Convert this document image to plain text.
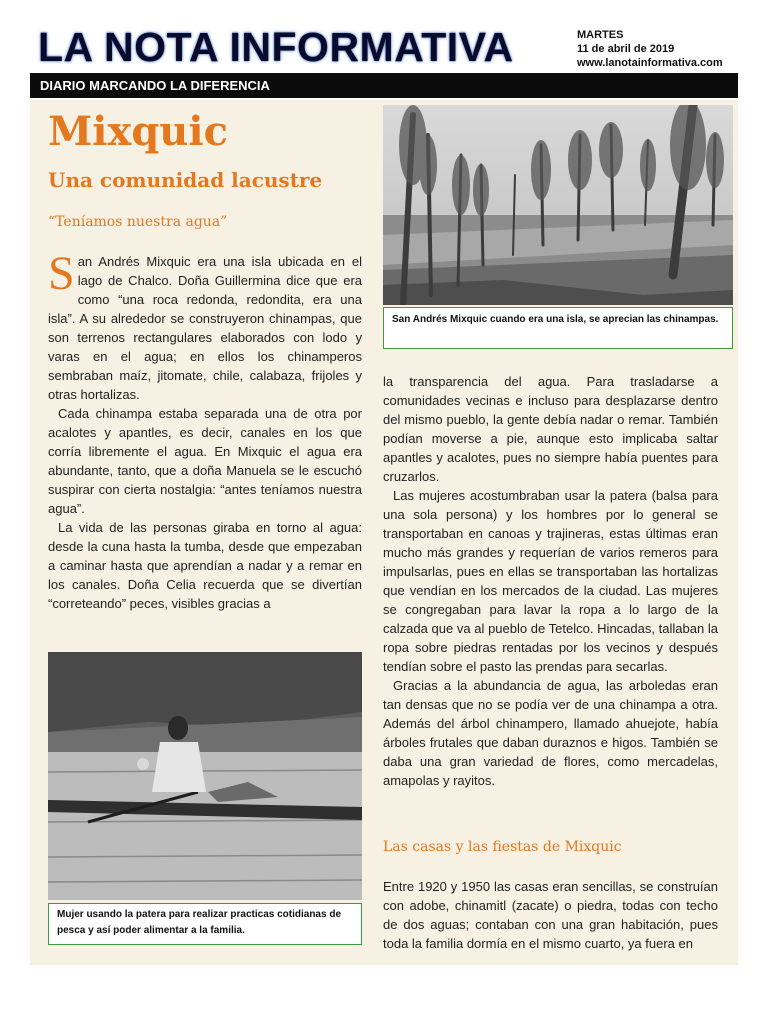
LA NOTA INFORMATIVA	MARTES
11 de abril de 2019
www.lanotainformativa.com
DIARIO MARCANDO LA DIFERENCIA
Mixquic
Una comunidad lacustre
“Teníamos nuestra agua”

San Andrés Mixquic era una isla ubicada en el lago de Chalco. Doña Guillermina dice que era como “una roca redonda, redondita, era una isla”. A su alrededor se construyeron chinampas, que son terrenos rectangulares elaborados con lodo y varas en el agua; en ellos los chinamperos sembraban maíz, jitomate, chile, calabaza, frijoles y otras hortalizas.

Cada chinampa estaba separada una de otra por acalotes y apantles, es decir, canales en los que corría libremente el agua. En Mixquic el agua era abundante, tanto, que a doña Manuela se le escuchó suspirar con cierta nostalgia: “antes teníamos nuestra agua”.

La vida de las personas giraba en torno al agua: desde la cuna hasta la tumba, desde que empezaban a caminar hasta que aprendían a nadar y a remar en los canales. Doña Celia recuerda que se divertían “correteando” peces, visibles gracias a

San Andrés Mixquic cuando era una isla, se aprecian las chinampas.

la transparencia del agua. Para trasladarse a comunidades vecinas e incluso para desplazarse dentro del mismo pueblo, la gente debía nadar o remar. También podían moverse a pie, aunque esto implicaba saltar apantles y acalotes, pues no siempre había puentes para cruzarlos.

Las mujeres acostumbraban usar la patera (balsa para una sola persona) y los hombres por lo general se transportaban en canoas y trajineras, estas últimas eran mucho más grandes y requerían de varios remeros para impulsarlas, pues en ellas se transportaban las hortalizas que vendían en los mercados de la ciudad. Las mujeres se congregaban para lavar la ropa a lo largo de la calzada que va al pueblo de Tetelco. Hincadas, tallaban la ropa sobre piedras rentadas por los vecinos y después tendían sobre el pasto las prendas para secarlas.

Gracias a la abundancia de agua, las arboledas eran tan densas que no se podía ver de una chinampa a otra. Además del árbol chinampero, llamado ahuejote, había árboles frutales que daban duraznos e higos. También se daba una gran variedad de flores, como mercadelas, amapolas y rayitos.

Las casas y las fiestas de Mixquic

Entre 1920 y 1950 las casas eran sencillas, se construían con adobe, chinamitl (zacate) o piedra, todas con techo de dos aguas; contaban con una gran habitación, pues toda la familia dormía en el mismo cuarto, ya fuera en

Mujer usando la patera para realizar practicas cotidianas de pesca y así poder alimentar a la familia.
